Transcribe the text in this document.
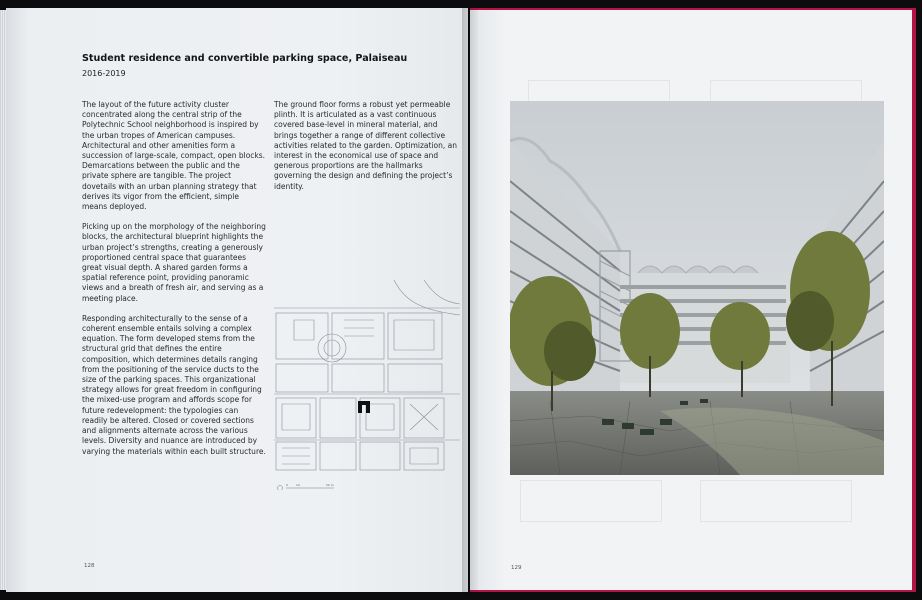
Student residence and convertible parking space, Palaiseau
2016-2019

The layout of the future activity cluster concentrated along the central strip of the Polytechnic School neighborhood is inspired by the urban tropes of American campuses. Architectural and other amenities form a succession of large-scale, compact, open blocks. Demarcations between the public and the private sphere are tangible. The project dovetails with an urban planning strategy that derives its vigor from the efficient, simple means deployed.

Picking up on the morphology of the neighboring blocks, the architectural blueprint highlights the urban project’s strengths, creating a generously proportioned central space that guarantees great visual depth. A shared garden forms a spatial reference point, providing panoramic views and a breath of fresh air, and serving as a meeting place.

Responding architecturally to the sense of a coherent ensemble entails solving a complex equation. The form developed stems from the structural grid that defines the entire composition, which determines details ranging from the positioning of the service ducts to the size of the parking spaces. This organizational strategy allows for great freedom in configuring the mixed-use program and affords scope for future redevelopment: the typologies can readily be altered. Closed or covered sections and alignments alternate across the various levels. Diversity and nuance are introduced by varying the materials within each built structure.

The ground floor forms a robust yet permeable plinth. It is articulated as a vast continuous covered base-level in mineral material, and brings together a range of different collective activities related to the garden. Optimization, an interest in the economical use of space and generous proportions are the hallmarks governing the design and defining the project’s identity.

0	10	50 m
128	129
